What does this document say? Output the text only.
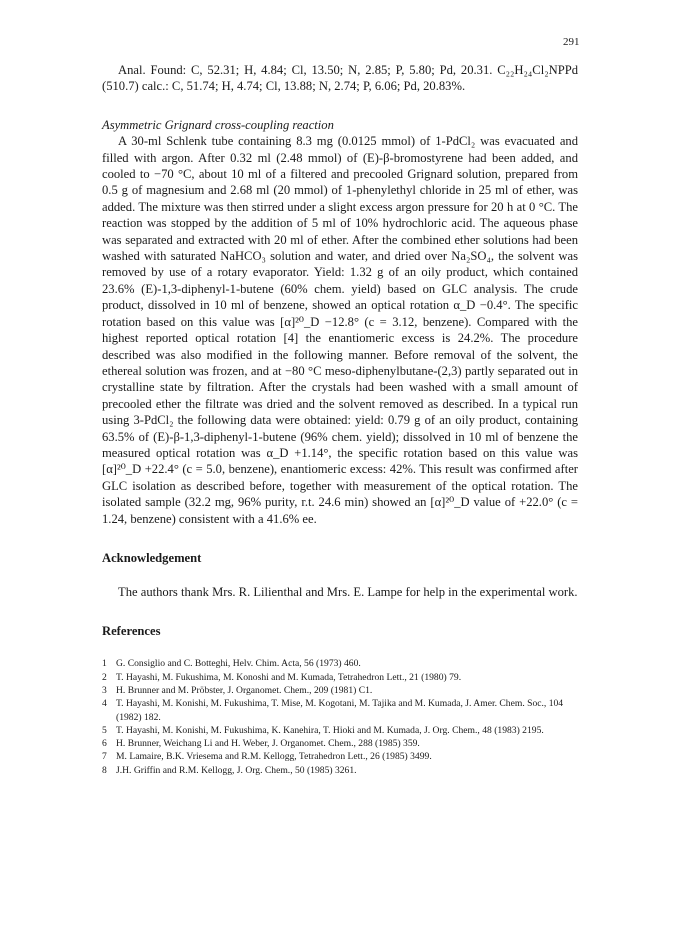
291

Anal. Found: C, 52.31; H, 4.84; Cl, 13.50; N, 2.85; P, 5.80; Pd, 20.31. C₂₂H₂₄Cl₂NPPd (510.7) calc.: C, 51.74; H, 4.74; Cl, 13.88; N, 2.74; P, 6.06; Pd, 20.83%.

Asymmetric Grignard cross-coupling reaction

A 30-ml Schlenk tube containing 8.3 mg (0.0125 mmol) of 1-PdCl₂ was evacuated and filled with argon. After 0.32 ml (2.48 mmol) of (E)-β-bromostyrene had been added, and cooled to −70 °C, about 10 ml of a filtered and precooled Grignard solution, prepared from 0.5 g of magnesium and 2.68 ml (20 mmol) of 1-phenylethyl chloride in 25 ml of ether, was added. The mixture was then stirred under a slight excess argon pressure for 20 h at 0 °C. The reaction was stopped by the addition of 5 ml of 10% hydrochloric acid. The aqueous phase was separated and extracted with 20 ml of ether. After the combined ether solutions had been washed with saturated NaHCO₃ solution and water, and dried over Na₂SO₄, the solvent was removed by use of a rotary evaporator. Yield: 1.32 g of an oily product, which contained 23.6% (E)-1,3-diphenyl-1-butene (60% chem. yield) based on GLC analysis. The crude product, dissolved in 10 ml of benzene, showed an optical rotation α_D −0.4°. The specific rotation based on this value was [α]²⁰_D −12.8° (c = 3.12, benzene). Compared with the highest reported optical rotation [4] the enantiomeric excess is 24.2%. The procedure described was also modified in the following manner. Before removal of the solvent, the ethereal solution was frozen, and at −80 °C meso-diphenylbutane-(2,3) partly separated out in crystalline state by filtration. After the crystals had been washed with a small amount of precooled ether the filtrate was dried and the solvent removed as described. In a typical run using 3-PdCl₂ the following data were obtained: yield: 0.79 g of an oily product, containing 63.5% of (E)-β-1,3-diphenyl-1-butene (96% chem. yield); dissolved in 10 ml of benzene the measured optical rotation was α_D +1.14°, the specific rotation based on this value was [α]²⁰_D +22.4° (c = 5.0, benzene), enantiomeric excess: 42%. This result was confirmed after GLC isolation as described before, together with measurement of the optical rotation. The isolated sample (32.2 mg, 96% purity, r.t. 24.6 min) showed an [α]²⁰_D value of +22.0° (c = 1.24, benzene) consistent with a 41.6% ee.

Acknowledgement

The authors thank Mrs. R. Lilienthal and Mrs. E. Lampe for help in the experimental work.

References
1 G. Consiglio and C. Botteghi, Helv. Chim. Acta, 56 (1973) 460.
2 T. Hayashi, M. Fukushima, M. Konoshi and M. Kumada, Tetrahedron Lett., 21 (1980) 79.
3 H. Brunner and M. Pröbster, J. Organomet. Chem., 209 (1981) C1.
4 T. Hayashi, M. Konishi, M. Fukushima, T. Mise, M. Kogotani, M. Tajika and M. Kumada, J. Amer. Chem. Soc., 104 (1982) 182.
5 T. Hayashi, M. Konishi, M. Fukushima, K. Kanehira, T. Hioki and M. Kumada, J. Org. Chem., 48 (1983) 2195.
6 H. Brunner, Weichang Li and H. Weber, J. Organomet. Chem., 288 (1985) 359.
7 M. Lamaire, B.K. Vriesema and R.M. Kellogg, Tetrahedron Lett., 26 (1985) 3499.
8 J.H. Griffin and R.M. Kellogg, J. Org. Chem., 50 (1985) 3261.
